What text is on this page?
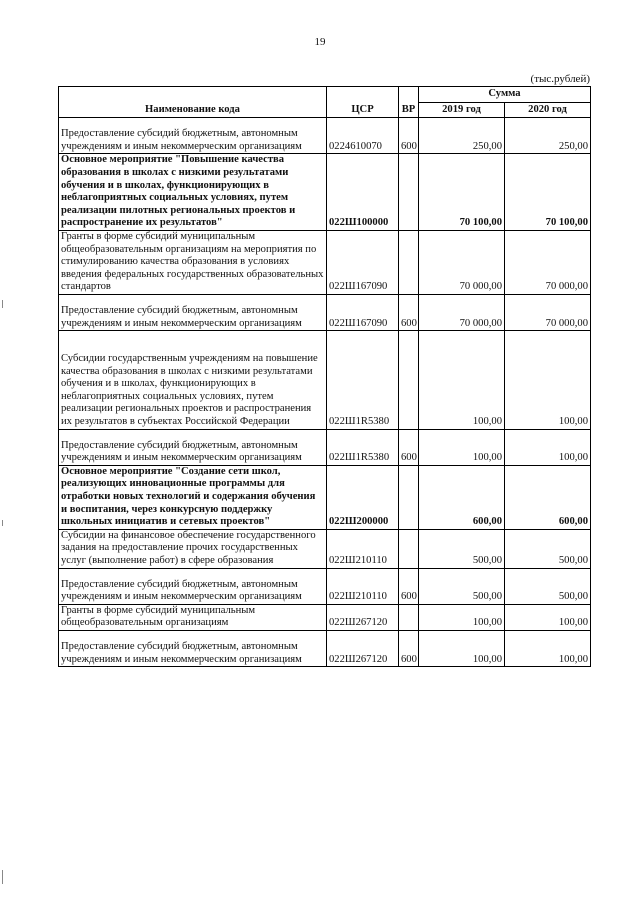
19
(тыс.рублей)
Наименование кода	ЦСР	ВР	Сумма	
			2019 год	2020 год
Предоставление субсидий бюджетным, автономным учреждениям и иным некоммерческим организациям	0224610070	600	250,00	250,00
Основное мероприятие "Повышение качества образования в школах с низкими результатами обучения и в школах, функционирующих в неблагоприятных социальных условиях, путем реализации пилотных региональных проектов и распространение их результатов"	022Ш100000		70 100,00	70 100,00
Гранты в форме субсидий муниципальным общеобразовательным организациям на мероприятия по стимулированию качества образования в условиях введения федеральных государственных образовательных стандартов	022Ш167090		70 000,00	70 000,00
Предоставление субсидий бюджетным, автономным учреждениям и иным некоммерческим организациям	022Ш167090	600	70 000,00	70 000,00
Субсидии государственным учреждениям на повышение качества образования в школах с низкими результатами обучения и в школах, функционирующих в неблагоприятных социальных условиях, путем реализации региональных проектов и распространения их результатов в субъектах Российской Федерации	022Ш1R5380		100,00	100,00
Предоставление субсидий бюджетным, автономным учреждениям и иным некоммерческим организациям	022Ш1R5380	600	100,00	100,00
Основное мероприятие "Создание сети школ, реализующих инновационные программы для отработки новых технологий и содержания обучения и воспитания, через конкурсную поддержку школьных инициатив и сетевых проектов"	022Ш200000		600,00	600,00
Субсидии на финансовое обеспечение государственного задания на предоставление прочих государственных услуг (выполнение работ) в сфере образования	022Ш210110		500,00	500,00
Предоставление субсидий бюджетным, автономным учреждениям и иным некоммерческим организациям	022Ш210110	600	500,00	500,00
Гранты в форме субсидий муниципальным общеобразовательным организациям	022Ш267120		100,00	100,00
Предоставление субсидий бюджетным, автономным учреждениям и иным некоммерческим организациям	022Ш267120	600	100,00	100,00
